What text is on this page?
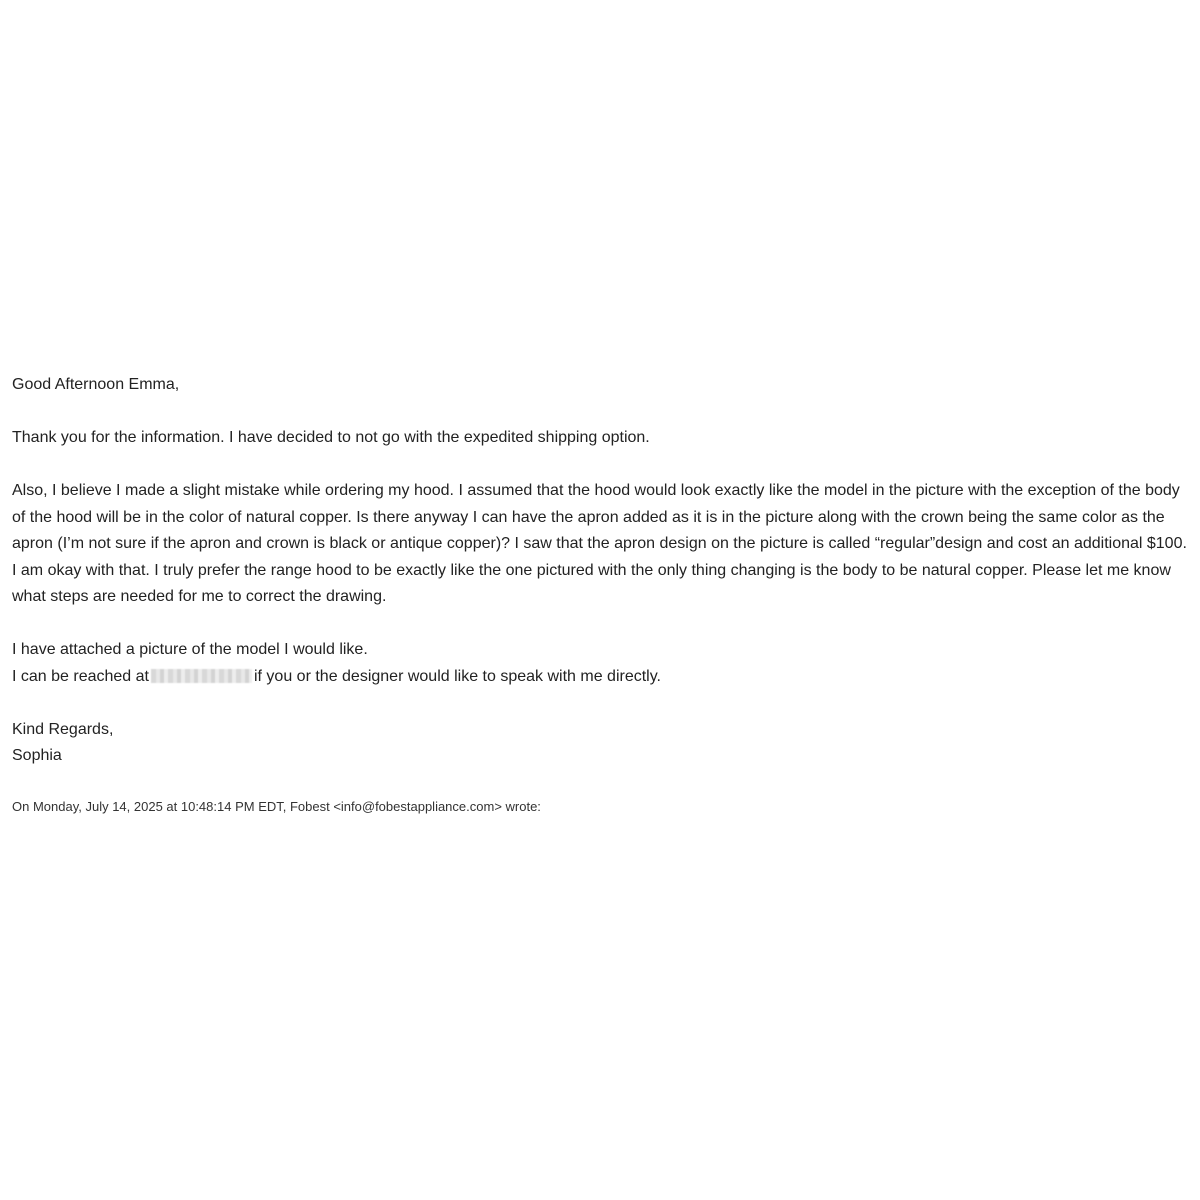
Good Afternoon Emma,

Thank you for the information. I have decided to not go with the expedited shipping option.

Also, I believe I made a slight mistake while ordering my hood. I assumed that the hood would look exactly like the model in the picture with the exception of the body
of the hood will be in the color of natural copper. Is there anyway I can have the apron added as it is in the picture along with the crown being the same color as the
apron (I’m not sure if the apron and crown is black or antique copper)? I saw that the apron design on the picture is called “regular”design and cost an additional $100.
I am okay with that. I truly prefer the range hood to be exactly like the one pictured with the only thing changing is the body to be natural copper. Please let me know
what steps are needed for me to correct the drawing.

I have attached a picture of the model I would like.
I can be reached at	if you or the designer would like to speak with me directly.

Kind Regards,
Sophia

On Monday, July 14, 2025 at 10:48:14 PM EDT, Fobest <info@fobestappliance.com> wrote:
